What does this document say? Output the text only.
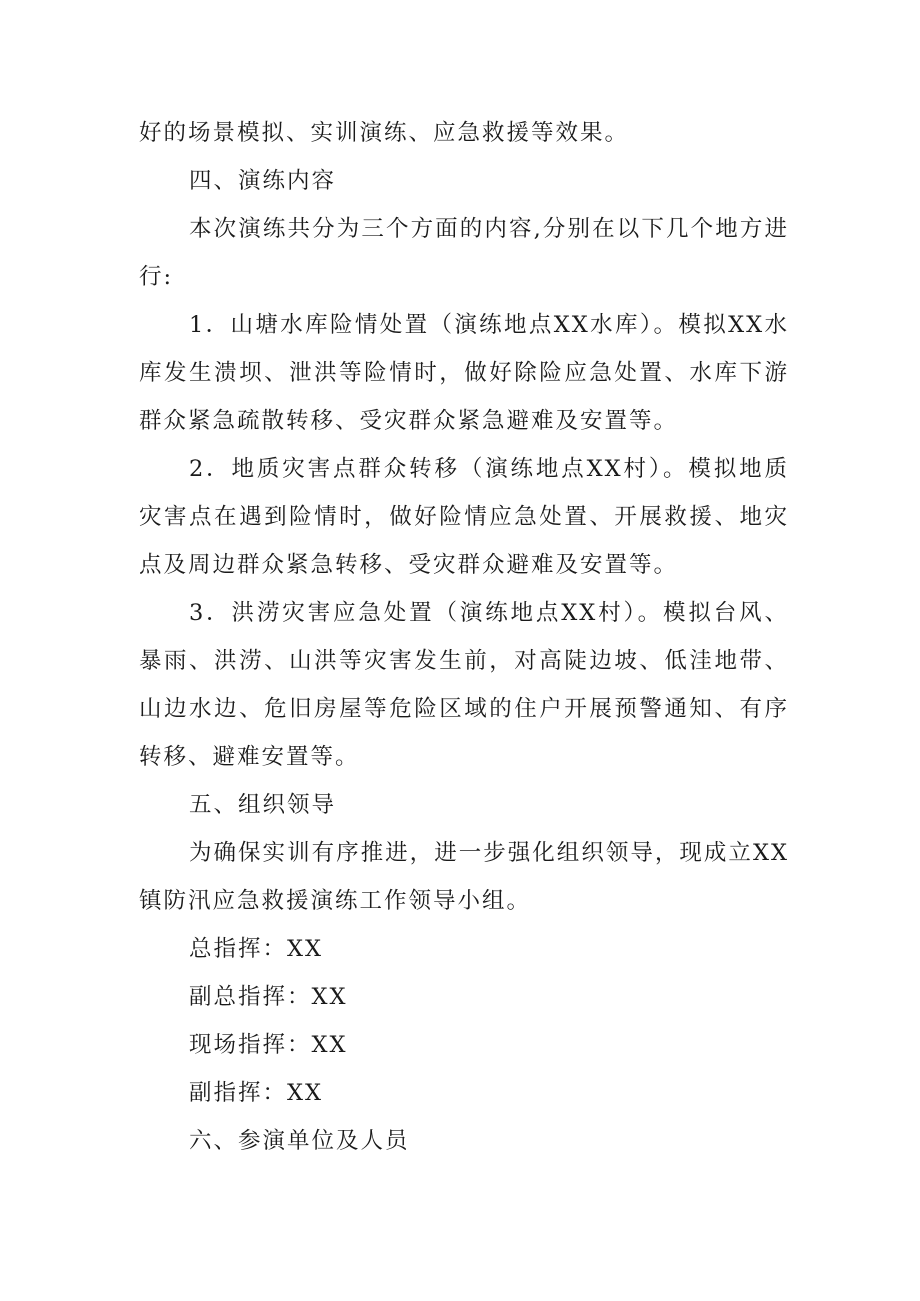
好的场景模拟、实训演练、应急救援等效果。

四、演练内容

本次演练共分为三个方面的内容,分别在以下几个地方进行:

1．山塘水库险情处置（演练地点XX水库）。模拟XX水库发生溃坝、泄洪等险情时，做好除险应急处置、水库下游群众紧急疏散转移、受灾群众紧急避难及安置等。

2．地质灾害点群众转移（演练地点XX村）。模拟地质灾害点在遇到险情时，做好险情应急处置、开展救援、地灾点及周边群众紧急转移、受灾群众避难及安置等。

3．洪涝灾害应急处置（演练地点XX村）。模拟台风、暴雨、洪涝、山洪等灾害发生前，对高陡边坡、低洼地带、山边水边、危旧房屋等危险区域的住户开展预警通知、有序转移、避难安置等。

五、组织领导

为确保实训有序推进，进一步强化组织领导，现成立XX镇防汛应急救援演练工作领导小组。

总指挥：XX

副总指挥：XX

现场指挥：XX

副指挥：XX

六、参演单位及人员
